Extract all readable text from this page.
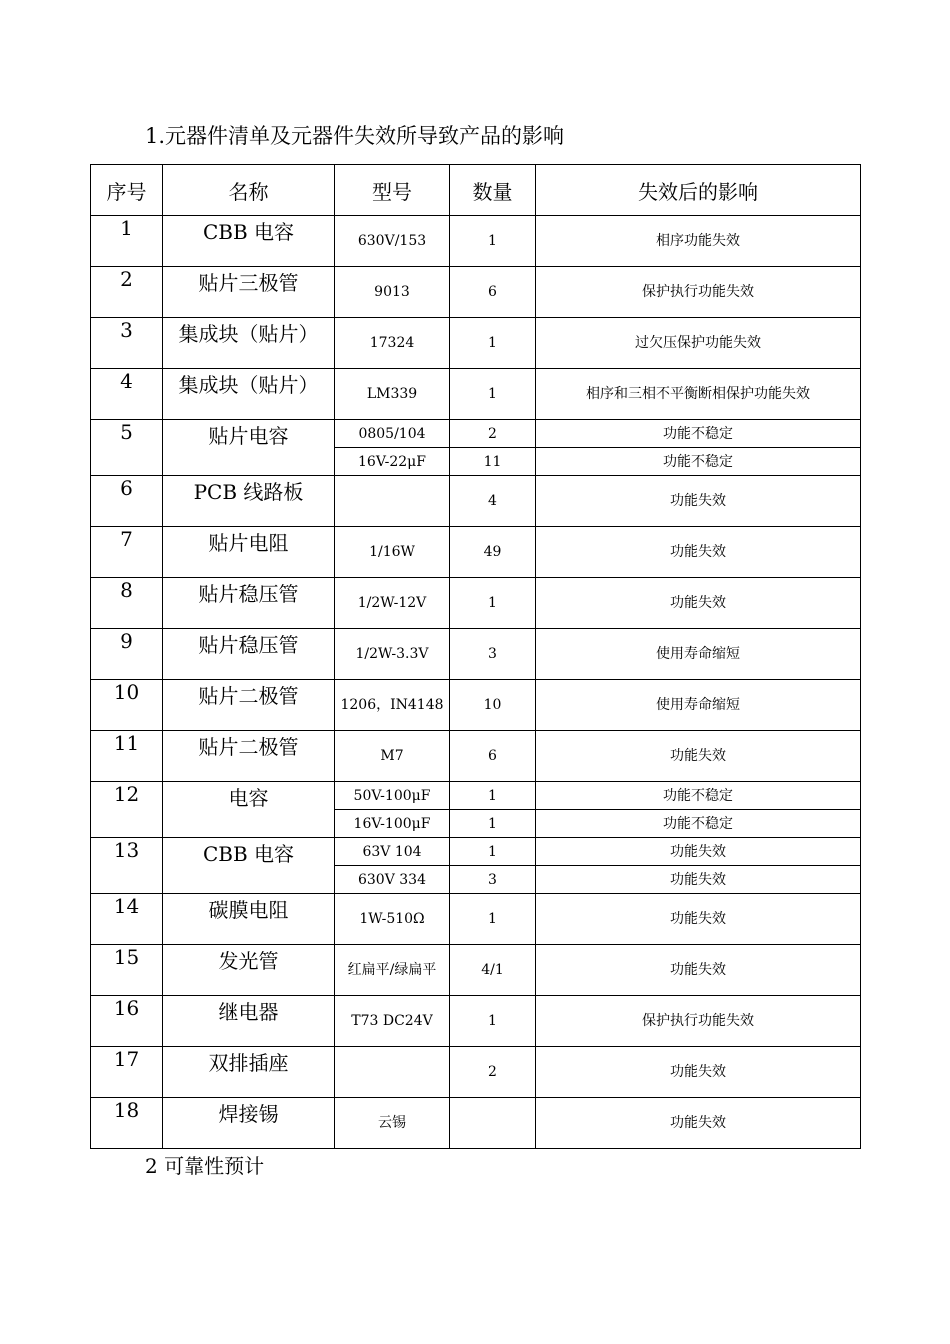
1.元器件清单及元器件失效所导致产品的影响
序号	名称	型号	数量	失效后的影响
1	CBB 电容	630V/153	1	相序功能失效
2	贴片三极管	9013	6	保护执行功能失效
3	集成块（贴片）	17324	1	过欠压保护功能失效
4	集成块（贴片）	LM339	1	相序和三相不平衡断相保护功能失效
5	贴片电容	0805/104	2	功能不稳定
		16V-22μF	11	功能不稳定
6	PCB 线路板		4	功能失效
7	贴片电阻	1/16W	49	功能失效
8	贴片稳压管	1/2W-12V	1	功能失效
9	贴片稳压管	1/2W-3.3V	3	使用寿命缩短
10	贴片二极管	1206，IN4148	10	使用寿命缩短
11	贴片二极管	M7	6	功能失效
12	电容	50V-100μF	1	功能不稳定
		16V-100μF	1	功能不稳定
13	CBB 电容	63V 104	1	功能失效
		630V 334	3	功能失效
14	碳膜电阻	1W-510Ω	1	功能失效
15	发光管	红扁平/绿扁平	4/1	功能失效
16	继电器	T73 DC24V	1	保护执行功能失效
17	双排插座		2	功能失效
18	焊接锡	云锡		功能失效
2 可靠性预计
